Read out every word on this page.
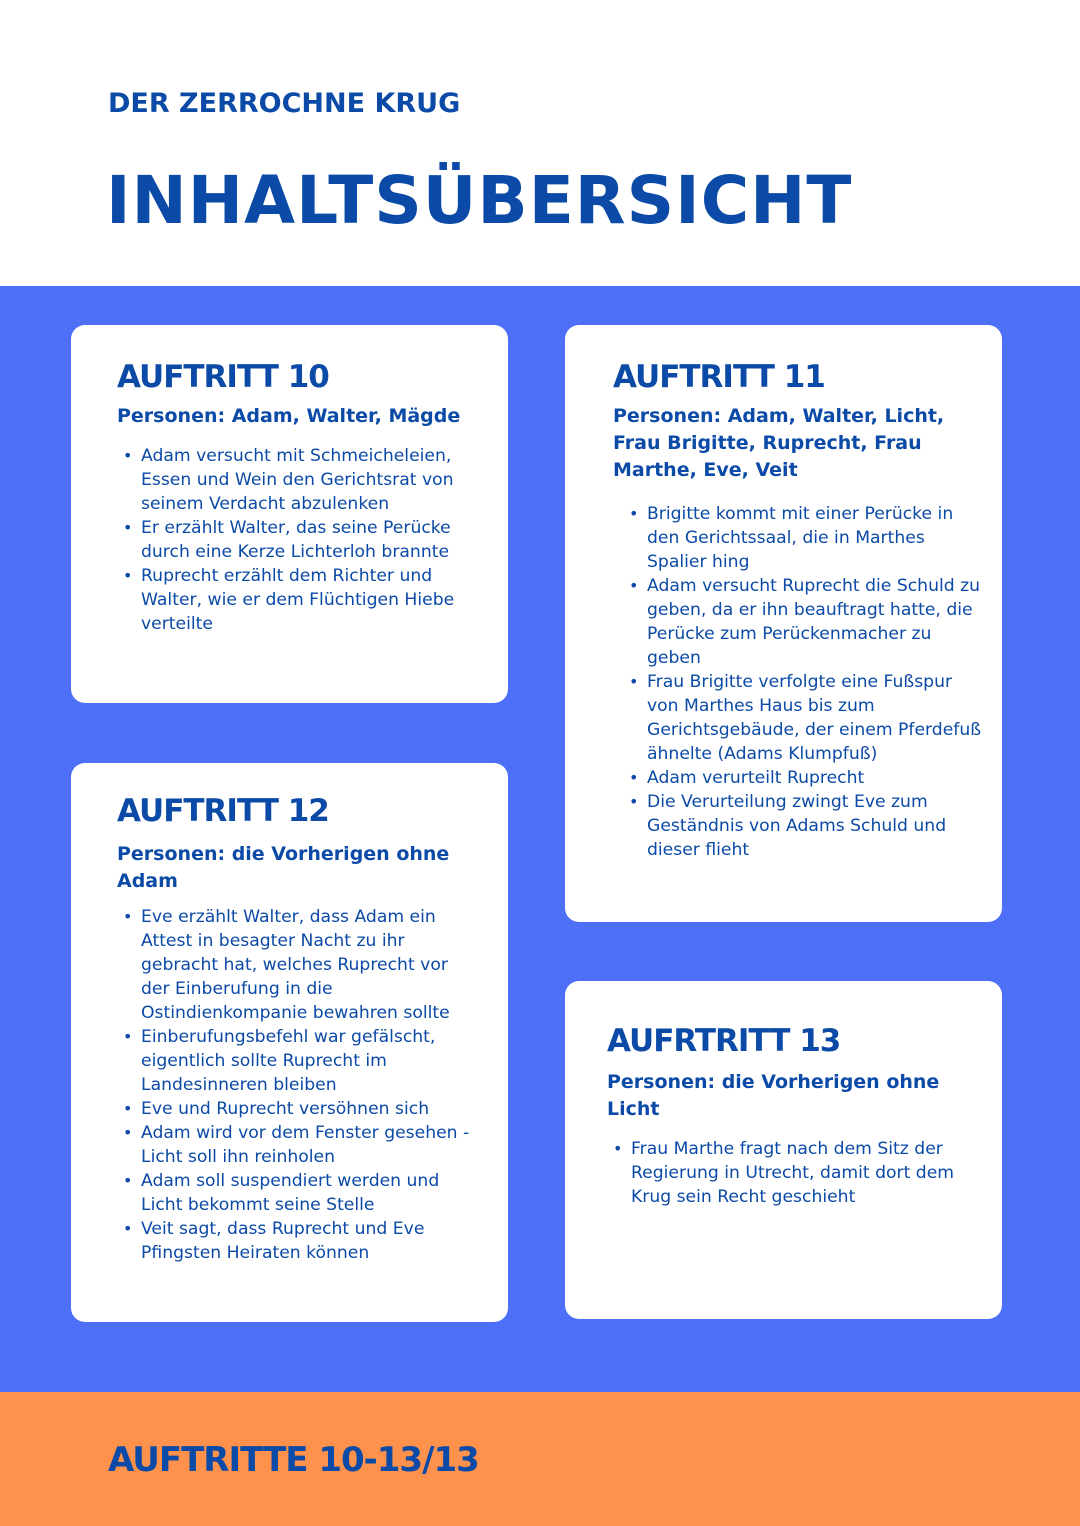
DER ZERROCHNE KRUG
INHALTSÜBERSICHT
AUFTRITT 10
Personen: Adam, Walter, Mägde
• Adam versucht mit Schmeicheleien, Essen und Wein den Gerichtsrat von seinem Verdacht abzulenken
• Er erzählt Walter, das seine Perücke durch eine Kerze Lichterloh brannte
• Ruprecht erzählt dem Richter und Walter, wie er dem Flüchtigen Hiebe verteilte
AUFTRITT 11
Personen: Adam, Walter, Licht, Frau Brigitte, Ruprecht, Frau Marthe, Eve, Veit
• Brigitte kommt mit einer Perücke in den Gerichtssaal, die in Marthes Spalier hing
• Adam versucht Ruprecht die Schuld zu geben, da er ihn beauftragt hatte, die Perücke zum Perückenmacher zu geben
• Frau Brigitte verfolgte eine Fußspur von Marthes Haus bis zum Gerichtsgebäude, der einem Pferdefuß ähnelte (Adams Klumpfuß)
• Adam verurteilt Ruprecht
• Die Verurteilung zwingt Eve zum Geständnis von Adams Schuld und dieser flieht
AUFTRITT 12
Personen: die Vorherigen ohne Adam
• Eve erzählt Walter, dass Adam ein Attest in besagter Nacht zu ihr gebracht hat, welches Ruprecht vor der Einberufung in die Ostindienkompanie bewahren sollte
• Einberufungsbefehl war gefälscht, eigentlich sollte Ruprecht im Landesinneren bleiben
• Eve und Ruprecht versöhnen sich
• Adam wird vor dem Fenster gesehen - Licht soll ihn reinholen
• Adam soll suspendiert werden und Licht bekommt seine Stelle
• Veit sagt, dass Ruprecht und Eve Pfingsten Heiraten können
AUFRTRITT 13
Personen: die Vorherigen ohne Licht
• Frau Marthe fragt nach dem Sitz der Regierung in Utrecht, damit dort dem Krug sein Recht geschieht
AUFTRITTE 10-13/13
